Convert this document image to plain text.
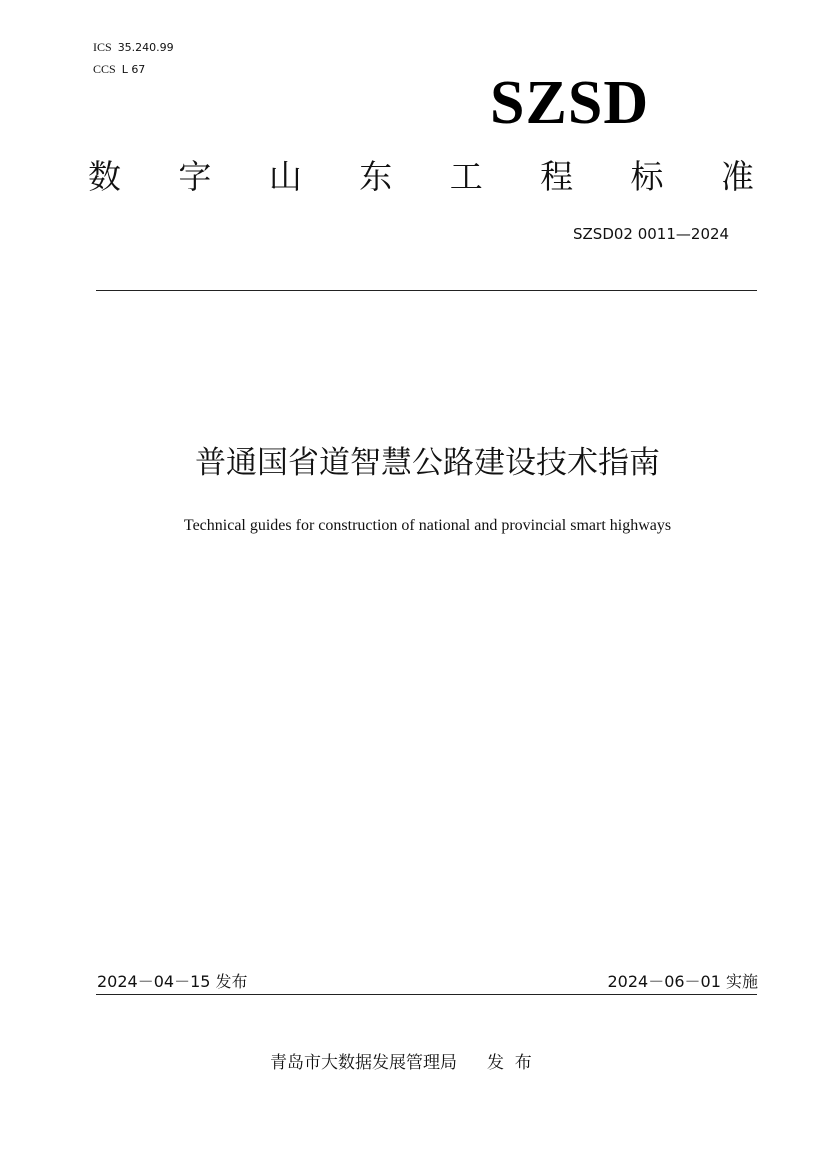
ICS 35.240.99
CCS L 67	SZSD
数 字 山 东 工 程 标 准
SZSD02 0011—2024
普通国省道智慧公路建设技术指南
Technical guides for construction of national and provincial smart highways
2024－04－15 发布	2024－06－01 实施
青岛市大数据发展管理局 发  布
